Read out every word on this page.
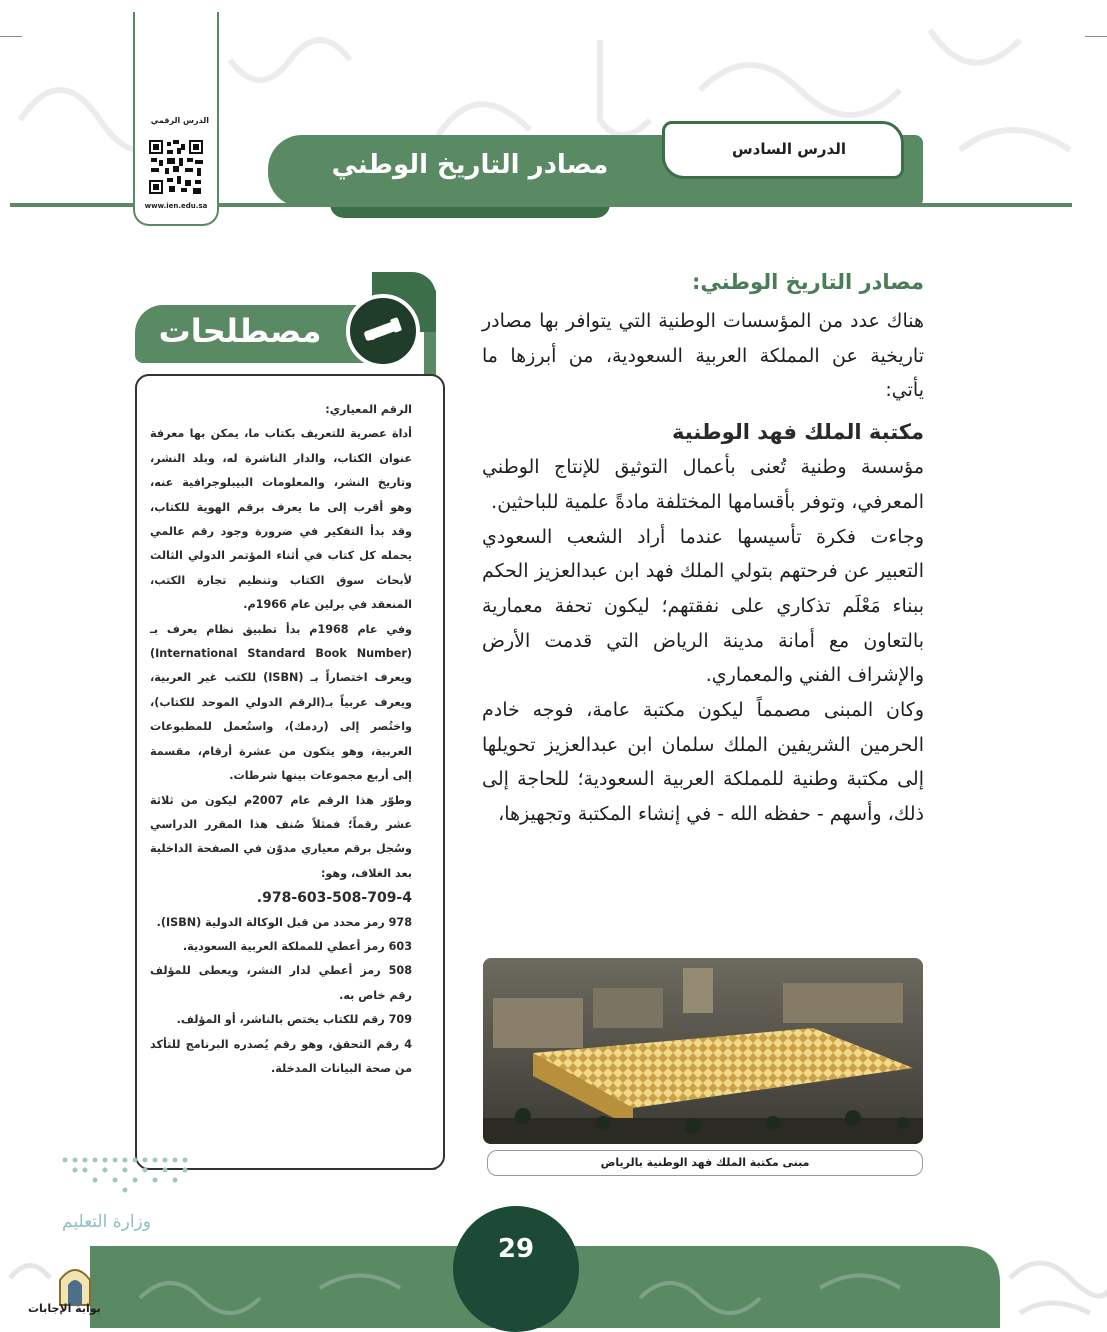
الدرس الرقمي
www.ien.edu.sa
مصادر التاريخ الوطني
الدرس السادس
مصادر التاريخ الوطني:

هناك عدد من المؤسسات الوطنية التي يتوافر بها مصادر تاريخية عن المملكة العربية السعودية، من أبرزها ما يأتي:

مكتبة الملك فهد الوطنية

مؤسسة وطنية تُعنى بأعمال التوثيق للإنتاج الوطني المعرفي، وتوفر بأقسامها المختلفة مادةً علمية للباحثين.

وجاءت فكرة تأسيسها عندما أراد الشعب السعودي التعبير عن فرحتهم بتولي الملك فهد ابن عبدالعزيز الحكم ببناء مَعْلَم تذكاري على نفقتهم؛ ليكون تحفة معمارية بالتعاون مع أمانة مدينة الرياض التي قدمت الأرض والإشراف الفني والمعماري.

وكان المبنى مصمماً ليكون مكتبة عامة، فوجه خادم الحرمين الشريفين الملك سلمان ابن عبدالعزيز تحويلها إلى مكتبة وطنية للمملكة العربية السعودية؛ للحاجة إلى ذلك، وأسهم - حفظه الله - في إنشاء المكتبة وتجهيزها،

مبنى مكتبة الملك فهد الوطنية بالرياض
مصطلحات

الرقم المعياري:

أداة عصرية للتعريف بكتاب ما، يمكن بها معرفة عنوان الكتاب، والدار الناشرة له، وبلد النشر، وتاريخ النشر، والمعلومات البيبلوجرافية عنه، وهو أقرب إلى ما يعرف برقم الهوية للكتاب، وقد بدأ التفكير في ضرورة وجود رقم عالمي يحمله كل كتاب في أثناء المؤتمر الدولي الثالث لأبحاث سوق الكتاب وتنظيم تجارة الكتب، المنعقد في برلين عام 1966م.

وفي عام 1968م بدأ تطبيق نظام يعرف بـ (International Standard Book Number) ويعرف اختصاراً بـ (ISBN) للكتب غير العربية، ويعرف عربياً بـ(الرقم الدولي الموحد للكتاب)، واختُصر إلى (ردمك)، واستُعمل للمطبوعات العربية، وهو يتكون من عشرة أرقام، مقسمة إلى أربع مجموعات بينها شرطات.

وطوّر هذا الرقم عام 2007م ليكون من ثلاثة عشر رقماً؛ فمثلاً صُنف هذا المقرر الدراسي وسُجل برقم معياري مدوّن في الصفحة الداخلية بعد الغلاف، وهو:

978-603-508-709-4.

978 رمز محدد من قبل الوكالة الدولية (ISBN).

603 رمز أعطي للمملكة العربية السعودية.

508 رمز أعطي لدار النشر، ويعطى للمؤلف رقم خاص به.

709 رقم للكتاب يختص بالناشر، أو المؤلف.

4 رقم التحقق، وهو رقم يُصدره البرنامج للتأكد من صحة البيانات المدخلة.

29
وزارة التعليم
بوابة الإجابات
